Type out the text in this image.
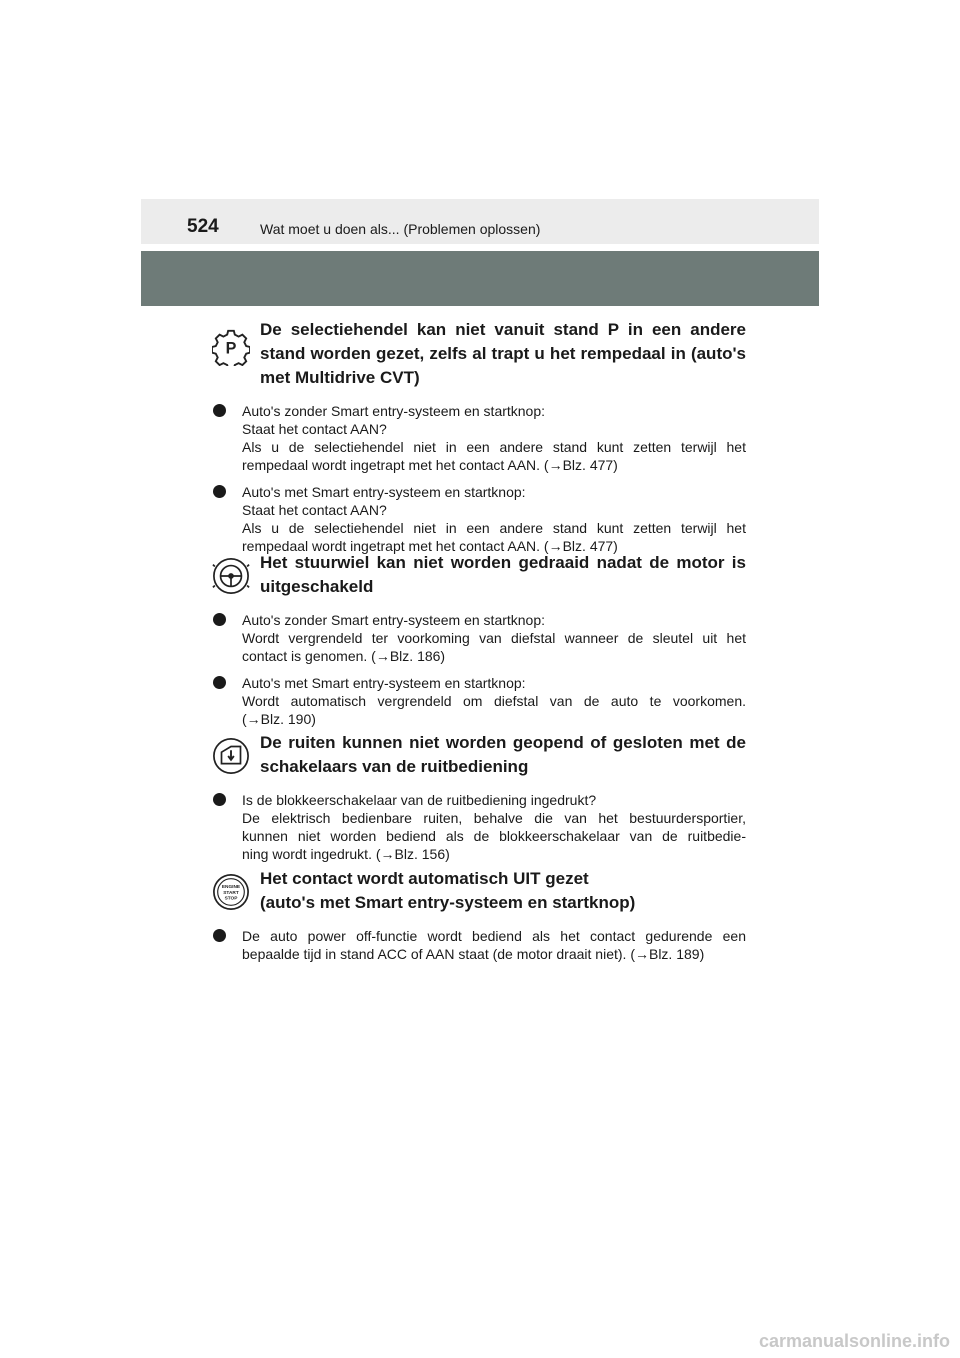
524	Wat moet u doen als... (Problemen oplossen)
P
De selectiehendel kan niet vanuit stand P in een andere stand worden gezet, zelfs al trapt u het rempedaal in (auto's met Multidrive CVT)
Auto's zonder Smart entry-systeem en startknop:
Staat het contact AAN?
Als u de selectiehendel niet in een andere stand kunt zetten terwijl het
rempedaal wordt ingetrapt met het contact AAN. (→Blz. 477)
Auto's met Smart entry-systeem en startknop:
Staat het contact AAN?
Als u de selectiehendel niet in een andere stand kunt zetten terwijl het
rempedaal wordt ingetrapt met het contact AAN. (→Blz. 477)
Het stuurwiel kan niet worden gedraaid nadat de motor is uitgeschakeld
Auto's zonder Smart entry-systeem en startknop:
Wordt vergrendeld ter voorkoming van diefstal wanneer de sleutel uit het
contact is genomen. (→Blz. 186)
Auto's met Smart entry-systeem en startknop:
Wordt automatisch vergrendeld om diefstal van de auto te voorkomen.
(→Blz. 190)
De ruiten kunnen niet worden geopend of gesloten met de schakelaars van de ruitbediening
Is de blokkeerschakelaar van de ruitbediening ingedrukt?
De elektrisch bedienbare ruiten, behalve die van het bestuurdersportier,
kunnen niet worden bediend als de blokkeerschakelaar van de ruitbedie-
ning wordt ingedrukt. (→Blz. 156)
ENGINE
START
STOP
Het contact wordt automatisch UIT gezet
(auto's met Smart entry-systeem en startknop)
De auto power off-functie wordt bediend als het contact gedurende een
bepaalde tijd in stand ACC of AAN staat (de motor draait niet). (→Blz. 189)
carmanualsonline.info
